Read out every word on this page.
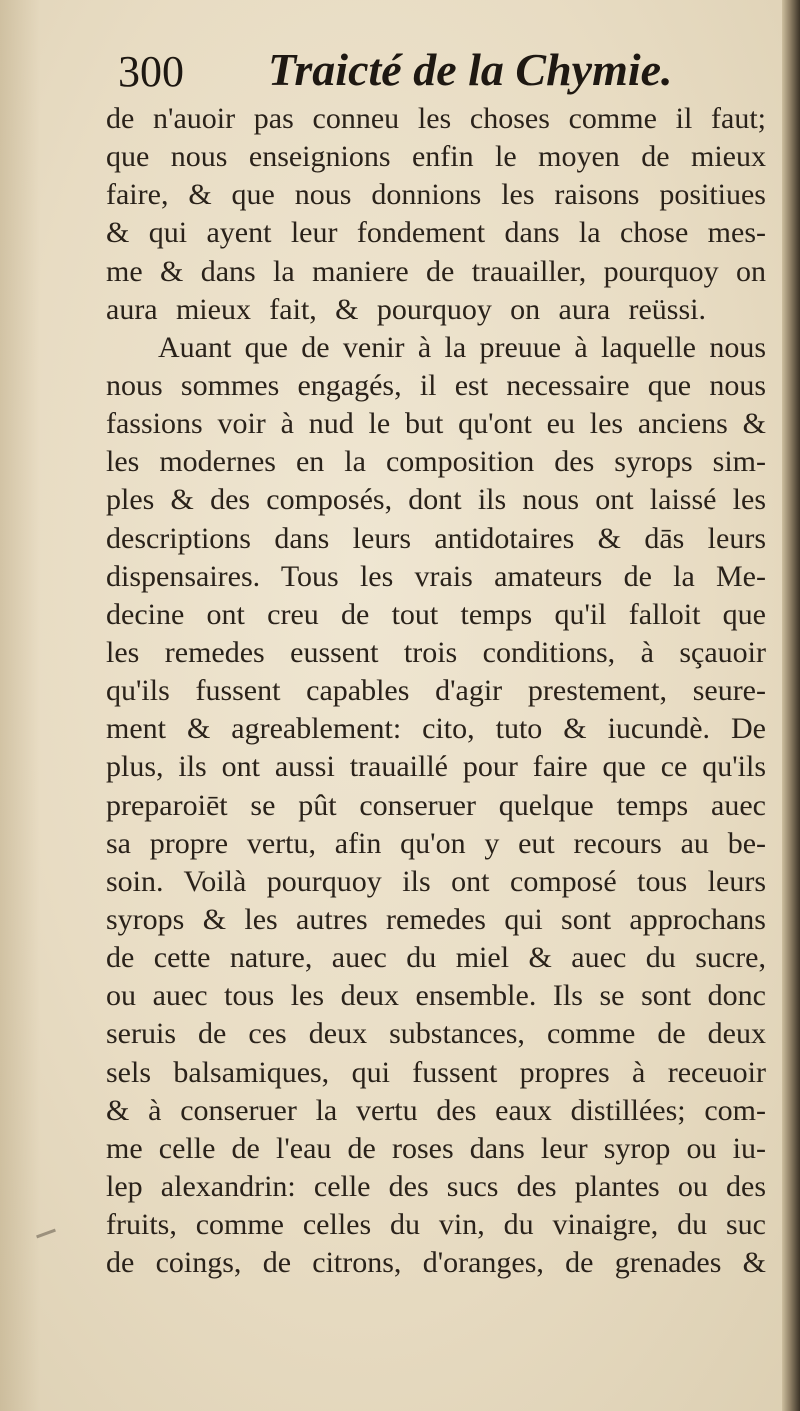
300 Traicté de la Chymie.
de n'auoir pas conneu les choses comme il faut;
que nous enseignions enfin le moyen de mieux
faire, & que nous donnions les raisons positiues
& qui ayent leur fondement dans la chose mes-
me & dans la maniere de trauailler, pourquoy on
aura mieux fait, & pourquoy on aura reüssi.
Auant que de venir à la preuue à laquelle nous
nous sommes engagés, il est necessaire que nous
fassions voir à nud le but qu'ont eu les anciens &
les modernes en la composition des syrops sim-
ples & des composés, dont ils nous ont laissé les
descriptions dans leurs antidotaires & dās leurs
dispensaires. Tous les vrais amateurs de la Me-
decine ont creu de tout temps qu'il falloit que
les remedes eussent trois conditions, à sçauoir
qu'ils fussent capables d'agir prestement, seure-
ment & agreablement: cito, tuto & iucundè. De
plus, ils ont aussi trauaillé pour faire que ce qu'ils
preparoiēt se pût conseruer quelque temps auec
sa propre vertu, afin qu'on y eut recours au be-
soin. Voilà pourquoy ils ont composé tous leurs
syrops & les autres remedes qui sont approchans
de cette nature, auec du miel & auec du sucre,
ou auec tous les deux ensemble. Ils se sont donc
seruis de ces deux substances, comme de deux
sels balsamiques, qui fussent propres à receuoir
& à conseruer la vertu des eaux distillées; com-
me celle de l'eau de roses dans leur syrop ou iu-
lep alexandrin: celle des sucs des plantes ou des
fruits, comme celles du vin, du vinaigre, du suc
de coings, de citrons, d'oranges, de grenades &
